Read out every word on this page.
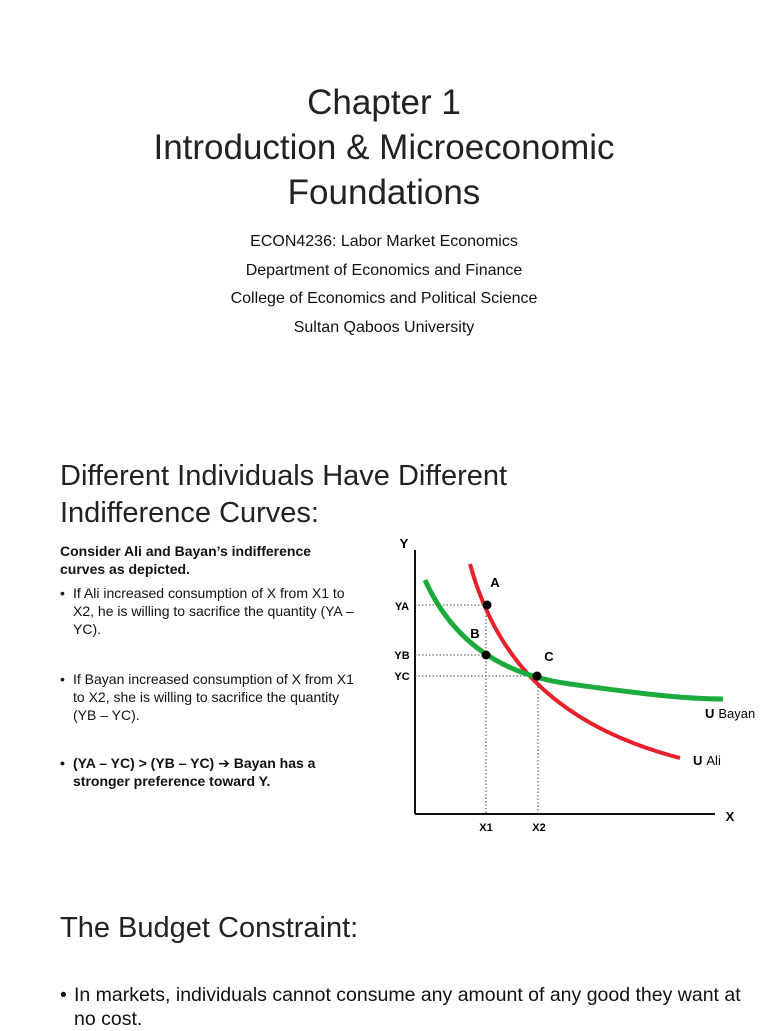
Chapter 1
Introduction & Microeconomic
Foundations
ECON4236: Labor Market Economics
Department of Economics and Finance
College of Economics and Political Science
Sultan Qaboos University
Different Individuals Have Different
Indifference Curves:

Consider Ali and Bayan’s indifference curves as depicted.

• If Ali increased consumption of X from X1 to X2, he is willing to sacrifice the quantity (YA – YC).
• If Bayan increased consumption of X from X1 to X2, she is willing to sacrifice the quantity (YB – YC).
• (YA – YC) > (YB – YC) ➔ Bayan has a stronger preference toward Y.
Y
X
A
B
C
YA
YB
YC
X1	X2
U Bayan
U Ali
The Budget Constraint:
• In markets, individuals cannot consume any amount of any good they want at no cost.
